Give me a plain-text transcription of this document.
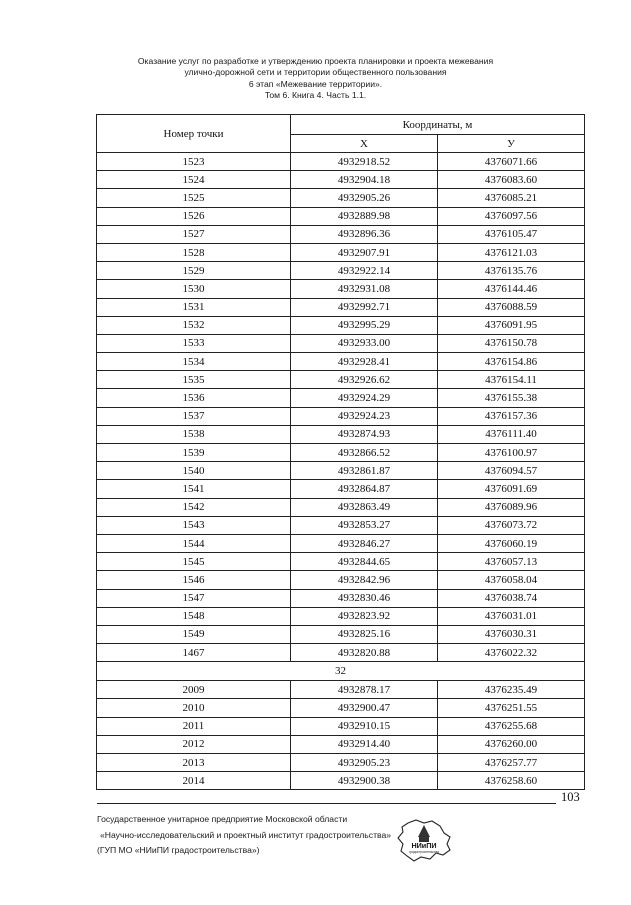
Оказание услуг по разработке и утверждению проекта планировки и проекта межевания
улично-дорожной сети и территории общественного пользования
6 этап «Межевание территории».
Том 6. Книга 4. Часть 1.1.
Номер точки	Координаты, м	
	X	У
1523	4932918.52	4376071.66
1524	4932904.18	4376083.60
1525	4932905.26	4376085.21
1526	4932889.98	4376097.56
1527	4932896.36	4376105.47
1528	4932907.91	4376121.03
1529	4932922.14	4376135.76
1530	4932931.08	4376144.46
1531	4932992.71	4376088.59
1532	4932995.29	4376091.95
1533	4932933.00	4376150.78
1534	4932928.41	4376154.86
1535	4932926.62	4376154.11
1536	4932924.29	4376155.38
1537	4932924.23	4376157.36
1538	4932874.93	4376111.40
1539	4932866.52	4376100.97
1540	4932861.87	4376094.57
1541	4932864.87	4376091.69
1542	4932863.49	4376089.96
1543	4932853.27	4376073.72
1544	4932846.27	4376060.19
1545	4932844.65	4376057.13
1546	4932842.96	4376058.04
1547	4932830.46	4376038.74
1548	4932823.92	4376031.01
1549	4932825.16	4376030.31
1467	4932820.88	4376022.32
32		
2009	4932878.17	4376235.49
2010	4932900.47	4376251.55
2011	4932910.15	4376255.68
2012	4932914.40	4376260.00
2013	4932905.23	4376257.77
2014	4932900.38	4376258.60
103
Государственное унитарное предприятие Московской области
«Научно-исследовательский и проектный институт градостроительства»
(ГУП МО «НИиПИ градостроительства»)	НИиПИ
градостроительства
